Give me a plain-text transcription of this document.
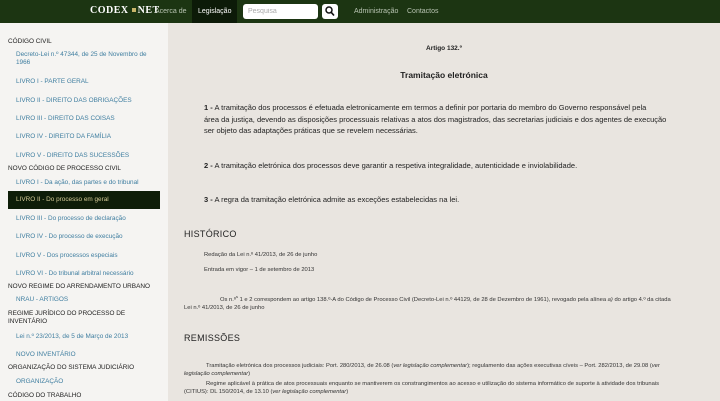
CODEX NET
Acerca de	Legislação
Pesquisa	Administração	Contactos
CÓDIGO CIVIL
Decreto-Lei n.º 47344, de 25 de Novembro de
1966
LIVRO I - PARTE GERAL
LIVRO II - DIREITO DAS OBRIGAÇÕES
LIVRO III - DIREITO DAS COISAS
LIVRO IV - DIREITO DA FAMÍLIA
LIVRO V - DIREITO DAS SUCESSÕES
NOVO CÓDIGO DE PROCESSO CIVIL
LIVRO I - Da ação, das partes e do tribunal
LIVRO II - Do processo em geral
LIVRO III - Do processo de declaração
LIVRO IV - Do processo de execução
LIVRO V - Dos processos especiais
LIVRO VI - Do tribunal arbitral necessário
NOVO REGIME DO ARRENDAMENTO URBANO
NRAU - ARTIGOS
REGIME JURÍDICO DO PROCESSO DE
INVENTÁRIO
Lei n.º 23/2013, de 5 de Março de 2013
NOVO INVENTÁRIO
ORGANIZAÇÃO DO SISTEMA JUDICIÁRIO
ORGANIZAÇÃO
CÓDIGO DO TRABALHO
Artigo 132.º
Tramitação eletrónica
1 - A tramitação dos processos é efetuada eletronicamente em termos a definir por portaria do membro do Governo responsável pela
área da justiça, devendo as disposições processuais relativas a atos dos magistrados, das secretarias judiciais e dos agentes de execução
ser objeto das adaptações práticas que se revelem necessárias.
2 - A tramitação eletrónica dos processos deve garantir a respetiva integralidade, autenticidade e inviolabilidade.
3 - A regra da tramitação eletrónica admite as exceções estabelecidas na lei.
HISTÓRICO
Redação da Lei n.º 41/2013, de 26 de junho
Entrada em vigor – 1 de setembro de 2013
Os n.º$^s$ 1 e 2 correspondem ao artigo 138.º-A do Código de Processo Civil (Decreto-Lei n.º 44129, de 28 de Dezembro de 1961), revogado pela alínea a) do artigo 4.º da citada
Lei n.º 41/2013, de 26 de junho
REMISSÕES
Tramitação eletrónica dos processos judiciais: Port. 280/2013, de 26.08 (ver legislação complementar); regulamento das ações executivas cíveis – Port. 282/2013, de 29.08 (ver
legislação complementar)
Regime aplicável à prática de atos processuais enquanto se mantiverem os constrangimentos ao acesso e utilização do sistema informático de suporte à atividade dos tribunais
(CITIUS): DL 150/2014, de 13.10 (ver legislação complementar)
